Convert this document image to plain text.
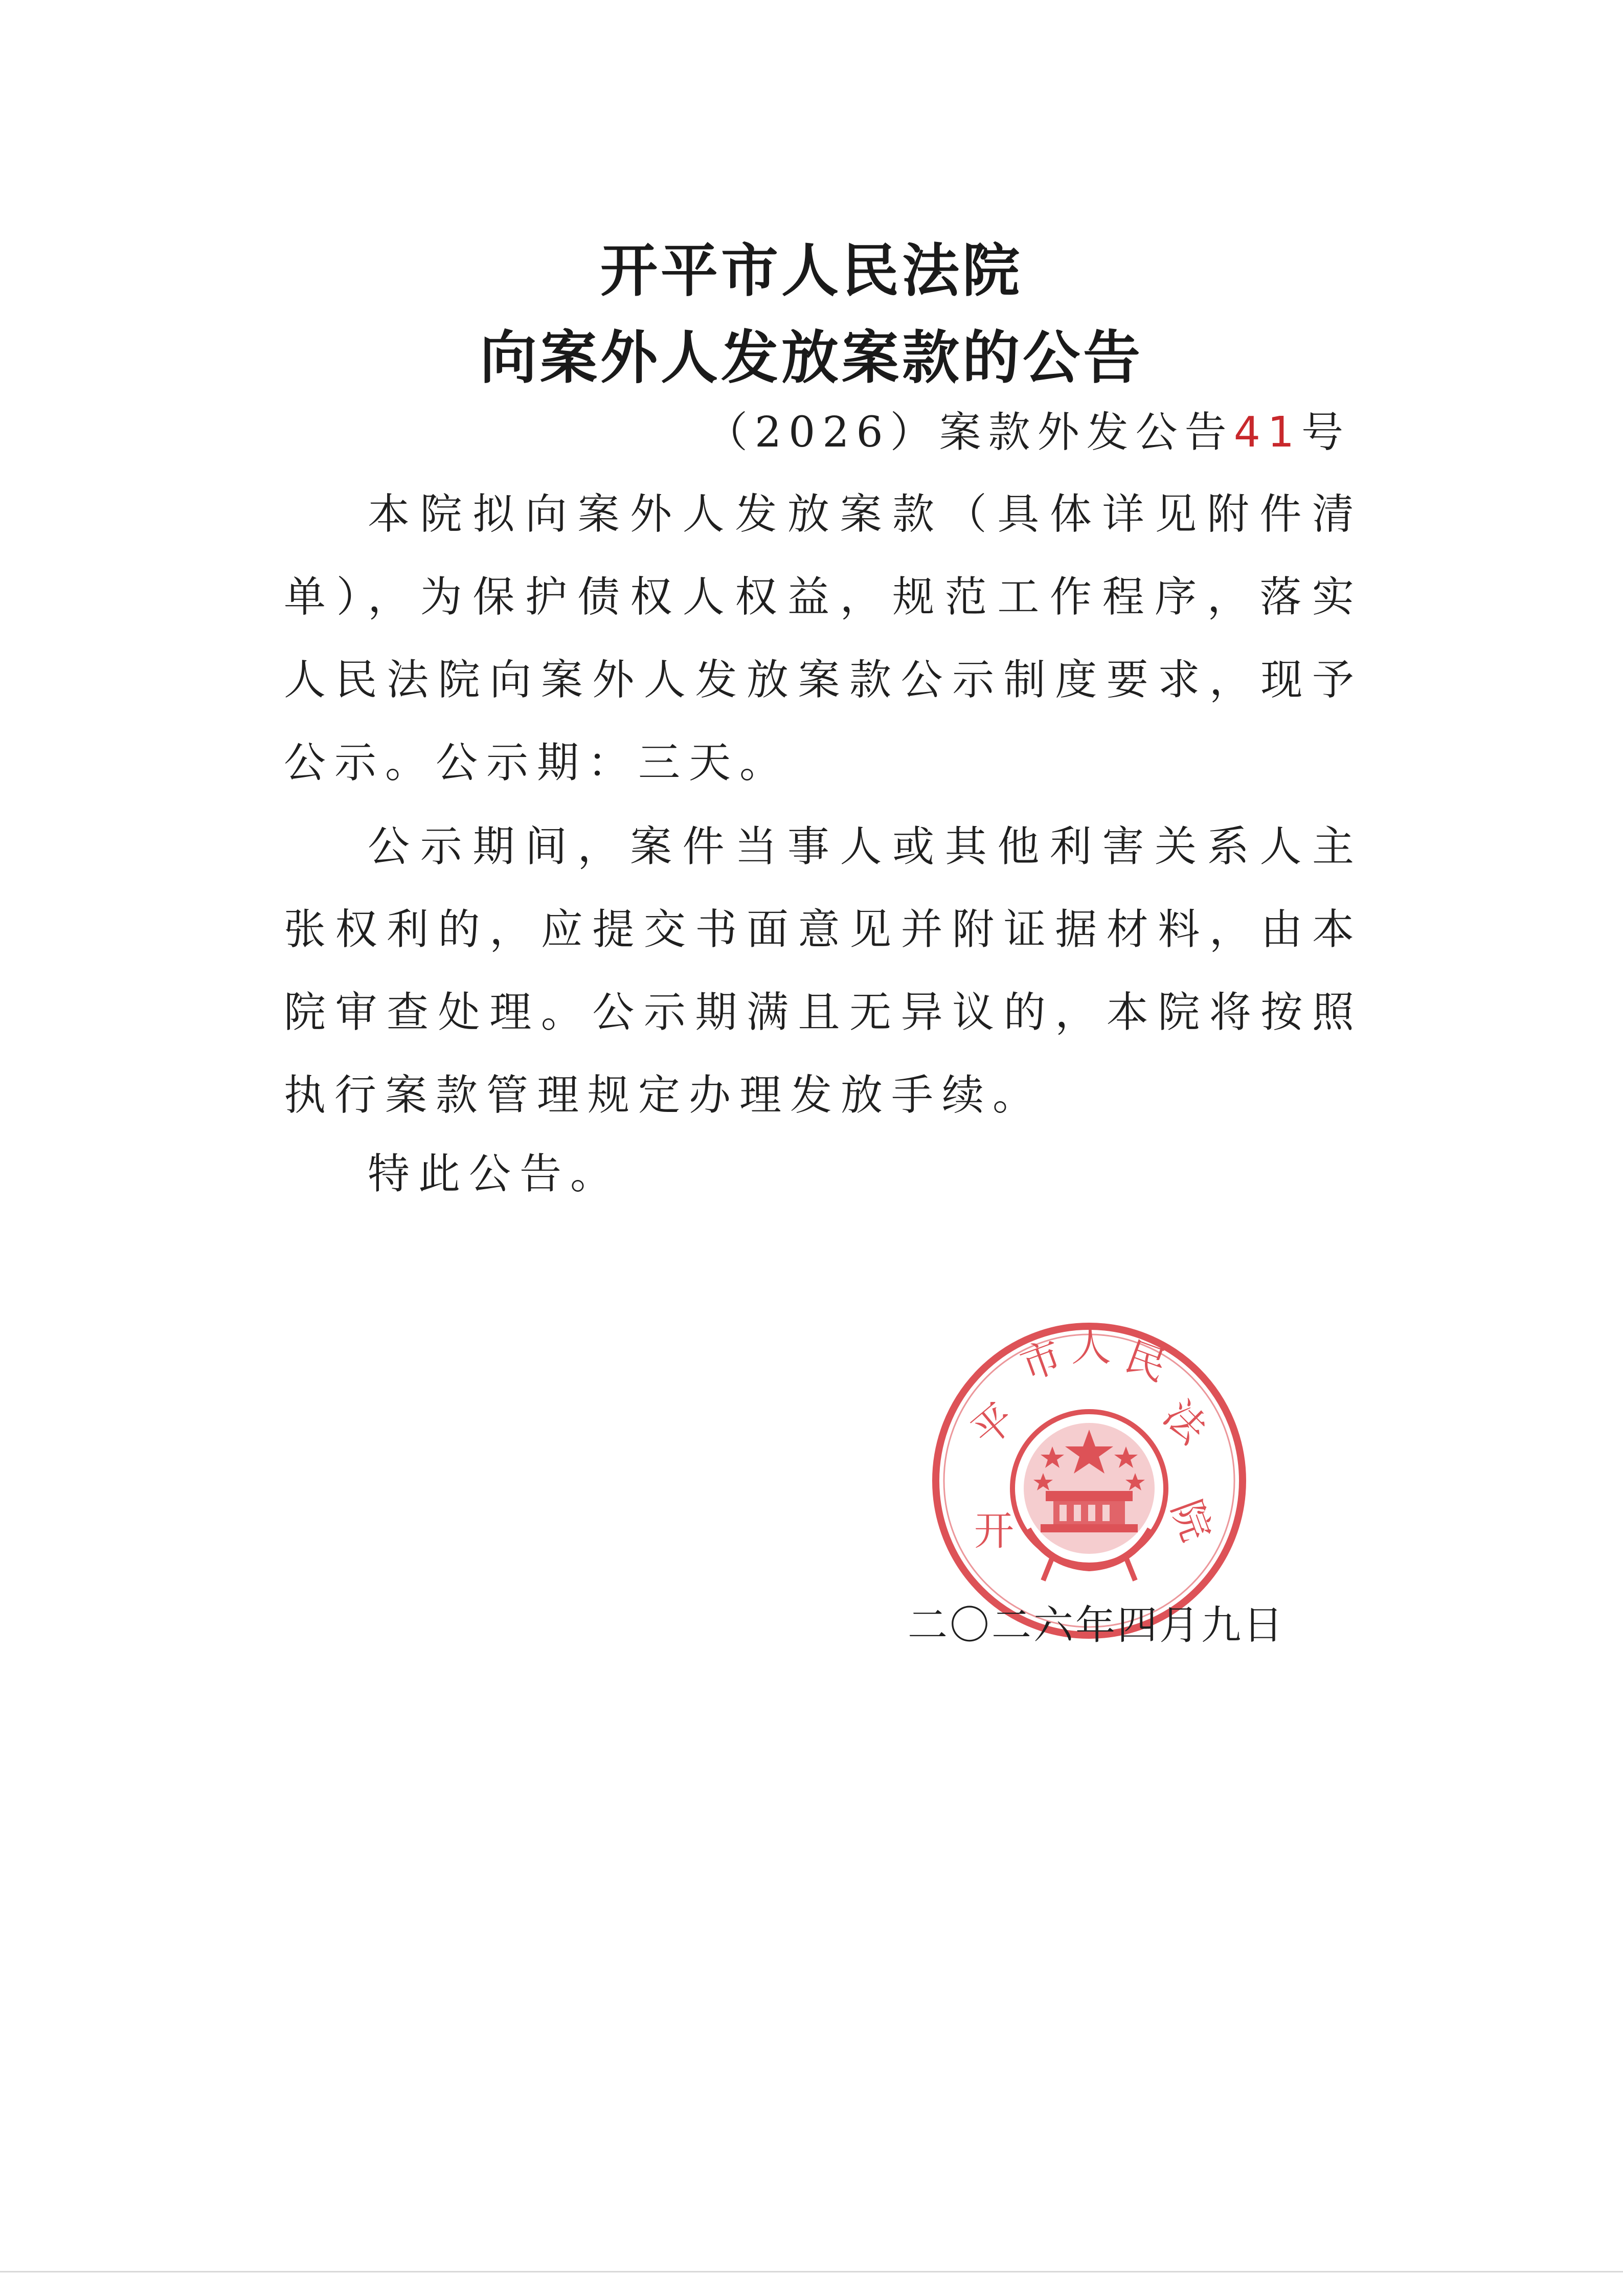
开平市人民法院
向案外人发放案款的公告
（2026）案款外发公告41号

本院拟向案外人发放案款（具体详见附件清单），为保护债权人权益，规范工作程序，落实人民法院向案外人发放案款公示制度要求，现予公示。公示期：三天。

公示期间，案件当事人或其他利害关系人主张权利的，应提交书面意见并附证据材料，由本院审查处理。公示期满且无异议的，本院将按照执行案款管理规定办理发放手续。

特此公告。

开
平
市 人 民
法
院
二〇二六年四月九日
